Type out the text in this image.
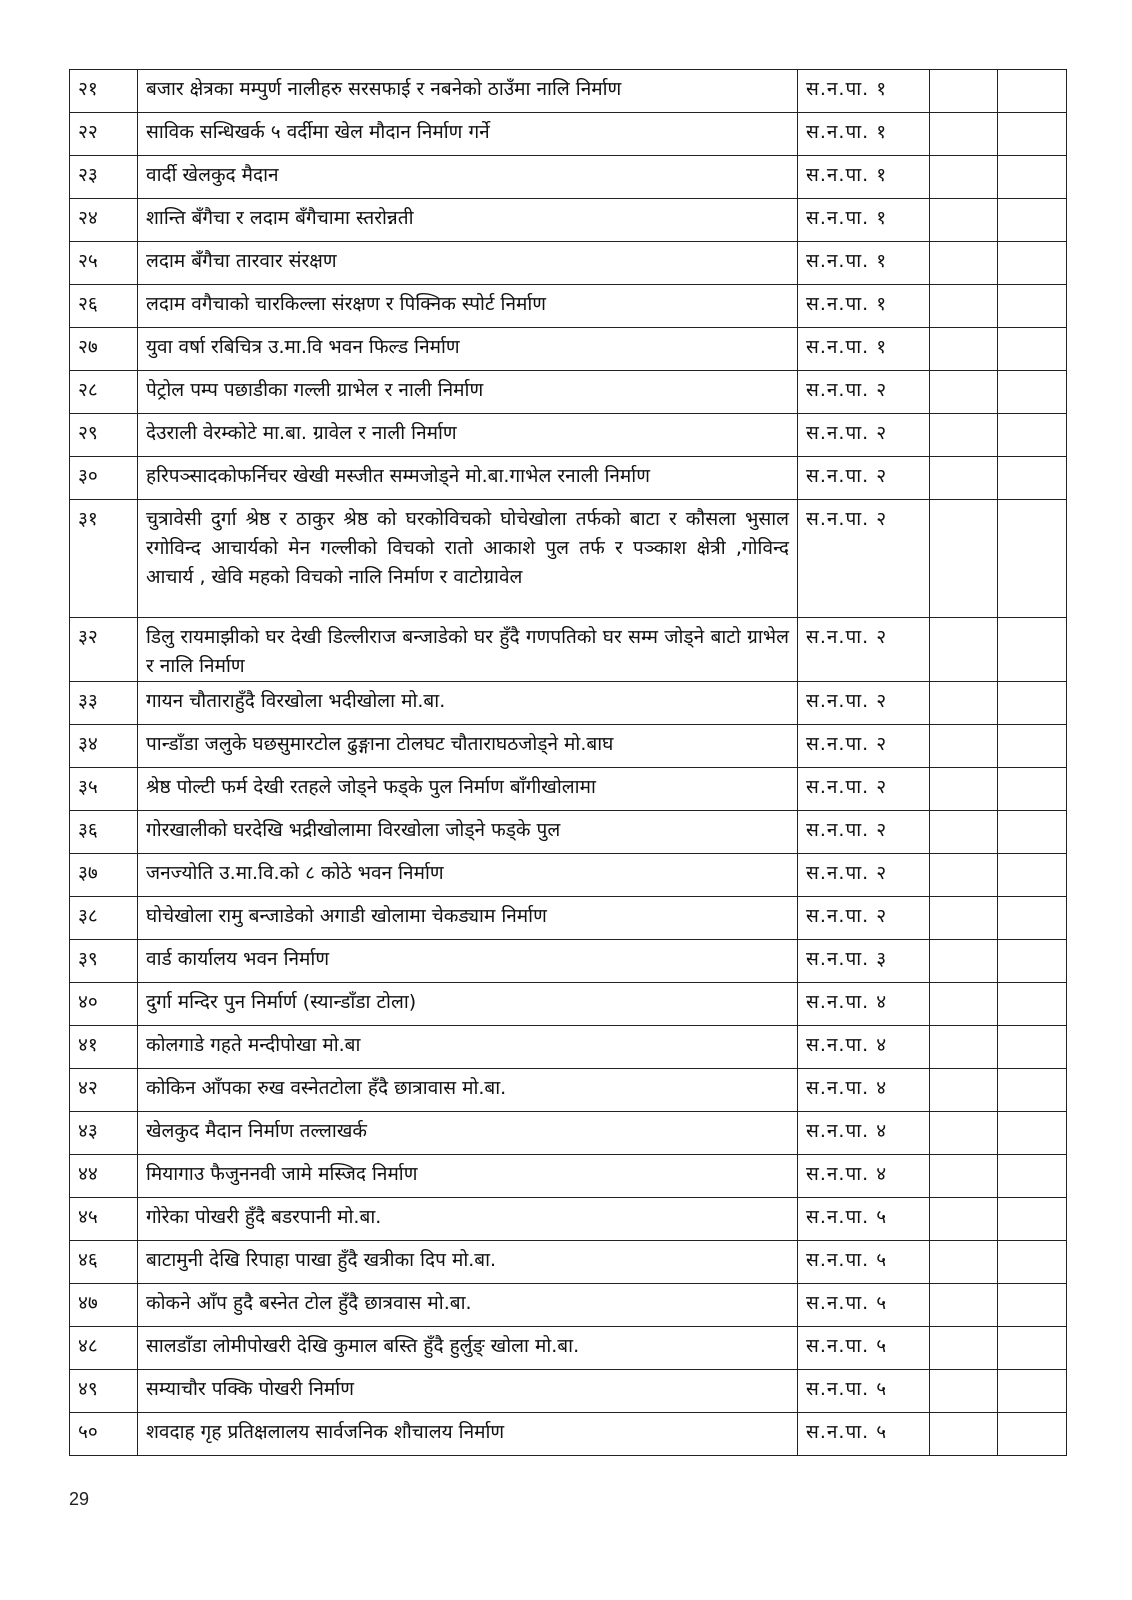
२१	बजार क्षेत्रका मम्पुर्ण नालीहरु सरसफाई र नबनेको ठाउँमा नालि निर्माण	स.न.पा. १		
२२	साविक सन्धिखर्क ५ वर्दीमा खेल मौदान निर्माण गर्ने	स.न.पा. १		
२३	वार्दी खेलकुद मैदान	स.न.पा. १		
२४	शान्ति बँगैचा र लदाम बँगैचामा स्तरोन्नती	स.न.पा. १		
२५	लदाम बँगैचा तारवार संरक्षण	स.न.पा. १		
२६	लदाम वगैचाको चारकिल्ला संरक्षण र पिक्निक स्पोर्ट निर्माण	स.न.पा. १		
२७	युवा वर्षा रबिचित्र उ.मा.वि भवन फिल्ड निर्माण	स.न.पा. १		
२८	पेट्रोल पम्प पछाडीका गल्ली ग्राभेल र नाली निर्माण	स.न.पा. २		
२९	देउराली वेरम्कोटे मा.बा. ग्रावेल र नाली निर्माण	स.न.पा. २		
३०	हरिपञ्सादकोफर्निचर खेखी मस्जीत सम्मजोड्ने मो.बा.गाभेल रनाली निर्माण	स.न.पा. २		
३१	चुत्रावेसी दुर्गा श्रेष्ठ र ठाकुर श्रेष्ठ को घरकोविचको घोचेखोला तर्फको बाटा र कौसला भुसाल रगोविन्द आचार्यको मेन गल्लीको विचको रातो आकाशे पुल तर्फ र पञ्काश क्षेत्री ,गोविन्द आचार्य , खेवि महको विचको नालि निर्माण र वाटोग्रावेल	स.न.पा. २		
३२	डिलु रायमाझीको घर देखी डिल्लीराज बन्जाडेको घर हुँदै गणपतिको घर सम्म जोड्ने बाटो ग्राभेल र नालि निर्माण	स.न.पा. २		
३३	गायन चौताराहुँदै विरखोला भदीखोला मो.बा.	स.न.पा. २		
३४	पान्डाँडा जलुके घछसुमारटोल ढुङ्गाना टोलघट चौताराघठजोड्ने मो.बाघ	स.न.पा. २		
३५	श्रेष्ठ पोल्टी फर्म देखी रतहले जोड्ने फड्के पुल निर्माण बाँगीखोलामा	स.न.पा. २		
३६	गोरखालीको घरदेखि भद्रीखोलामा विरखोला जोड्ने फड्के पुल	स.न.पा. २		
३७	जनज्योति उ.मा.वि.को ८ कोठे भवन निर्माण	स.न.पा. २		
३८	घोचेखोला रामु बन्जाडेको अगाडी खोलामा चेकड्याम निर्माण	स.न.पा. २		
३९	वार्ड कार्यालय भवन निर्माण	स.न.पा. ३		
४०	दुर्गा मन्दिर पुन निर्मार्ण (स्यान्डाँडा टोला)	स.न.पा. ४		
४१	कोलगाडे गहते मन्दीपोखा मो.बा	स.न.पा. ४		
४२	कोकिन आँपका रुख वस्नेतटोला हँदै छात्रावास मो.बा.	स.न.पा. ४		
४३	खेलकुद मैदान निर्माण तल्लाखर्क	स.न.पा. ४		
४४	मियागाउ फैजुननवी जामे मस्जिद निर्माण	स.न.पा. ४		
४५	गोरेका पोखरी हुँदै बडरपानी मो.बा.	स.न.पा. ५		
४६	बाटामुनी देखि रिपाहा पाखा हुँदै खत्रीका दिप मो.बा.	स.न.पा. ५		
४७	कोकने आँप हुदै बस्नेत टोल हुँदै छात्रवास मो.बा.	स.न.पा. ५		
४८	सालडाँडा लोमीपोखरी देखि कुमाल बस्ति हुँदै हुर्लुङ् खोला मो.बा.	स.न.पा. ५		
४९	सम्याचौर पक्कि पोखरी निर्माण	स.न.पा. ५		
५०	शवदाह गृह प्रतिक्षलालय सार्वजनिक शौचालय निर्माण	स.न.पा. ५		
29
